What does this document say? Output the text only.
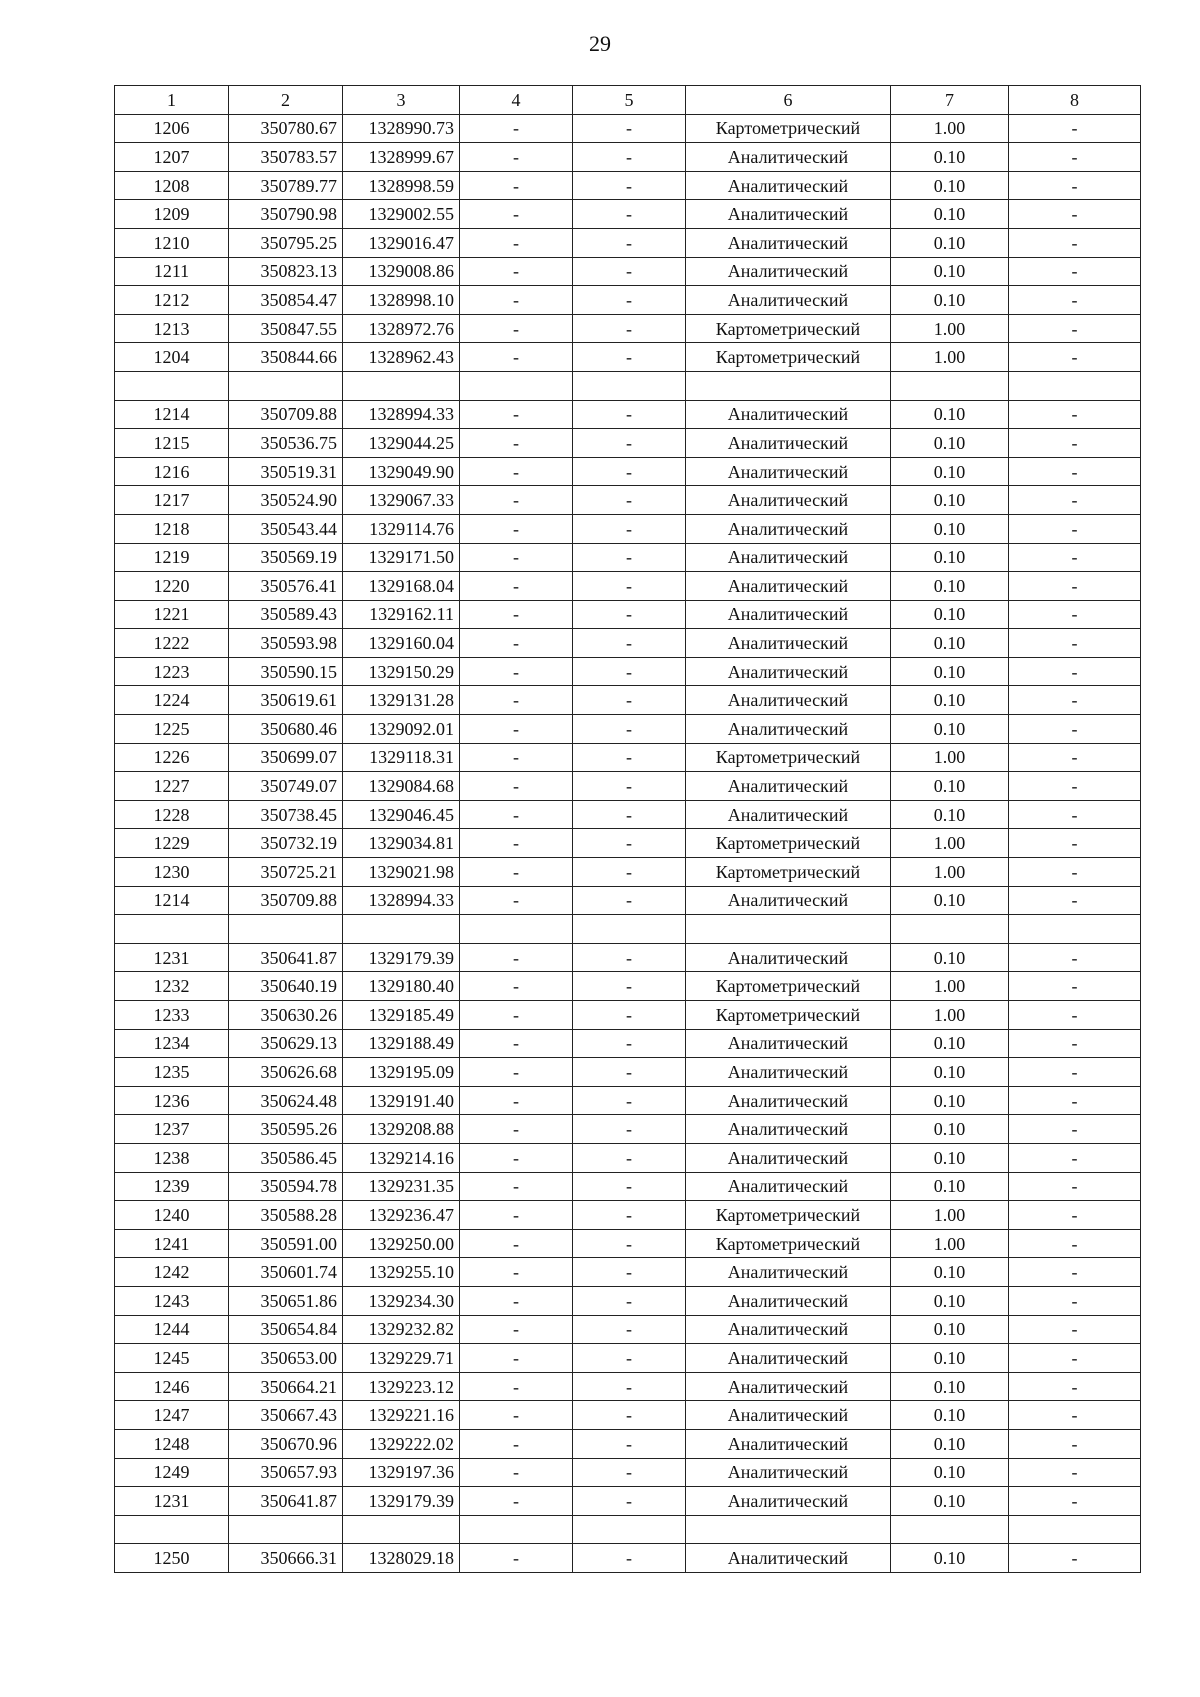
29
1	2	3	4	5	6	7	8
1206	350780.67	1328990.73	-	-	Картометрический	1.00	-
1207	350783.57	1328999.67	-	-	Аналитический	0.10	-
1208	350789.77	1328998.59	-	-	Аналитический	0.10	-
1209	350790.98	1329002.55	-	-	Аналитический	0.10	-
1210	350795.25	1329016.47	-	-	Аналитический	0.10	-
1211	350823.13	1329008.86	-	-	Аналитический	0.10	-
1212	350854.47	1328998.10	-	-	Аналитический	0.10	-
1213	350847.55	1328972.76	-	-	Картометрический	1.00	-
1204	350844.66	1328962.43	-	-	Картометрический	1.00	-

1214	350709.88	1328994.33	-	-	Аналитический	0.10	-
1215	350536.75	1329044.25	-	-	Аналитический	0.10	-
1216	350519.31	1329049.90	-	-	Аналитический	0.10	-
1217	350524.90	1329067.33	-	-	Аналитический	0.10	-
1218	350543.44	1329114.76	-	-	Аналитический	0.10	-
1219	350569.19	1329171.50	-	-	Аналитический	0.10	-
1220	350576.41	1329168.04	-	-	Аналитический	0.10	-
1221	350589.43	1329162.11	-	-	Аналитический	0.10	-
1222	350593.98	1329160.04	-	-	Аналитический	0.10	-
1223	350590.15	1329150.29	-	-	Аналитический	0.10	-
1224	350619.61	1329131.28	-	-	Аналитический	0.10	-
1225	350680.46	1329092.01	-	-	Аналитический	0.10	-
1226	350699.07	1329118.31	-	-	Картометрический	1.00	-
1227	350749.07	1329084.68	-	-	Аналитический	0.10	-
1228	350738.45	1329046.45	-	-	Аналитический	0.10	-
1229	350732.19	1329034.81	-	-	Картометрический	1.00	-
1230	350725.21	1329021.98	-	-	Картометрический	1.00	-
1214	350709.88	1328994.33	-	-	Аналитический	0.10	-

1231	350641.87	1329179.39	-	-	Аналитический	0.10	-
1232	350640.19	1329180.40	-	-	Картометрический	1.00	-
1233	350630.26	1329185.49	-	-	Картометрический	1.00	-
1234	350629.13	1329188.49	-	-	Аналитический	0.10	-
1235	350626.68	1329195.09	-	-	Аналитический	0.10	-
1236	350624.48	1329191.40	-	-	Аналитический	0.10	-
1237	350595.26	1329208.88	-	-	Аналитический	0.10	-
1238	350586.45	1329214.16	-	-	Аналитический	0.10	-
1239	350594.78	1329231.35	-	-	Аналитический	0.10	-
1240	350588.28	1329236.47	-	-	Картометрический	1.00	-
1241	350591.00	1329250.00	-	-	Картометрический	1.00	-
1242	350601.74	1329255.10	-	-	Аналитический	0.10	-
1243	350651.86	1329234.30	-	-	Аналитический	0.10	-
1244	350654.84	1329232.82	-	-	Аналитический	0.10	-
1245	350653.00	1329229.71	-	-	Аналитический	0.10	-
1246	350664.21	1329223.12	-	-	Аналитический	0.10	-
1247	350667.43	1329221.16	-	-	Аналитический	0.10	-
1248	350670.96	1329222.02	-	-	Аналитический	0.10	-
1249	350657.93	1329197.36	-	-	Аналитический	0.10	-
1231	350641.87	1329179.39	-	-	Аналитический	0.10	-

1250	350666.31	1328029.18	-	-	Аналитический	0.10	-
